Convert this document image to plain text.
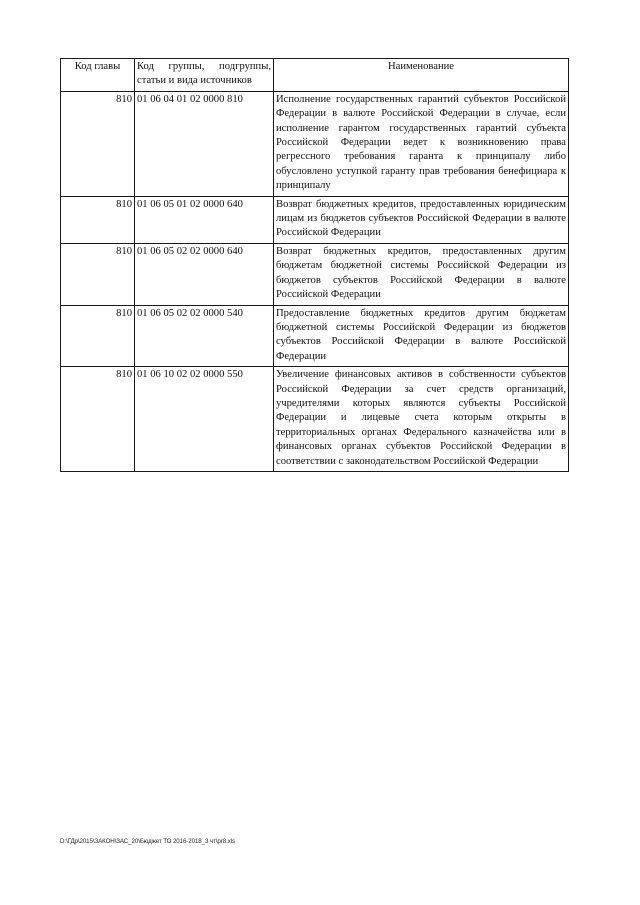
Код главы	Код группы, подгруппы, статьи и вида источников	Наименование
810	01 06 04 01 02 0000 810	Исполнение государственных гарантий субъектов Российской Федерации в валюте Российской Федерации в случае, если исполнение гарантом государственных гарантий субъекта Российской Федерации ведет к возникновению права регрессного требования гаранта к принципалу либо обусловлено уступкой гаранту прав требования бенефициара к принципалу
810	01 06 05 01 02 0000 640	Возврат бюджетных кредитов, предоставленных юридическим лицам из бюджетов субъектов Российской Федерации в валюте Российской Федерации
810	01 06 05 02 02 0000 640	Возврат бюджетных кредитов, предоставленных другим бюджетам бюджетной системы Российской Федерации из бюджетов субъектов Российской Федерации в валюте Российской Федерации
810	01 06 05 02 02 0000 540	Предоставление бюджетных кредитов другим бюджетам бюджетной системы Российской Федерации из бюджетов субъектов Российской Федерации в валюте Российской Федерации
810	01 06 10 02 02 0000 550	Увеличение финансовых активов в собственности субъектов Российской Федерации за счет средств организаций, учредителями которых являются субъекты Российской Федерации и лицевые счета которым открыты в территориальных органах Федерального казначейства или в финансовых органах субъектов Российской Федерации в соответствии с законодательством Российской Федерации
D:\ГДр\2015\ЗАКОН\ЗАС_20\Бюджет ТО 2016-2018_3 чт\pr8.xls
